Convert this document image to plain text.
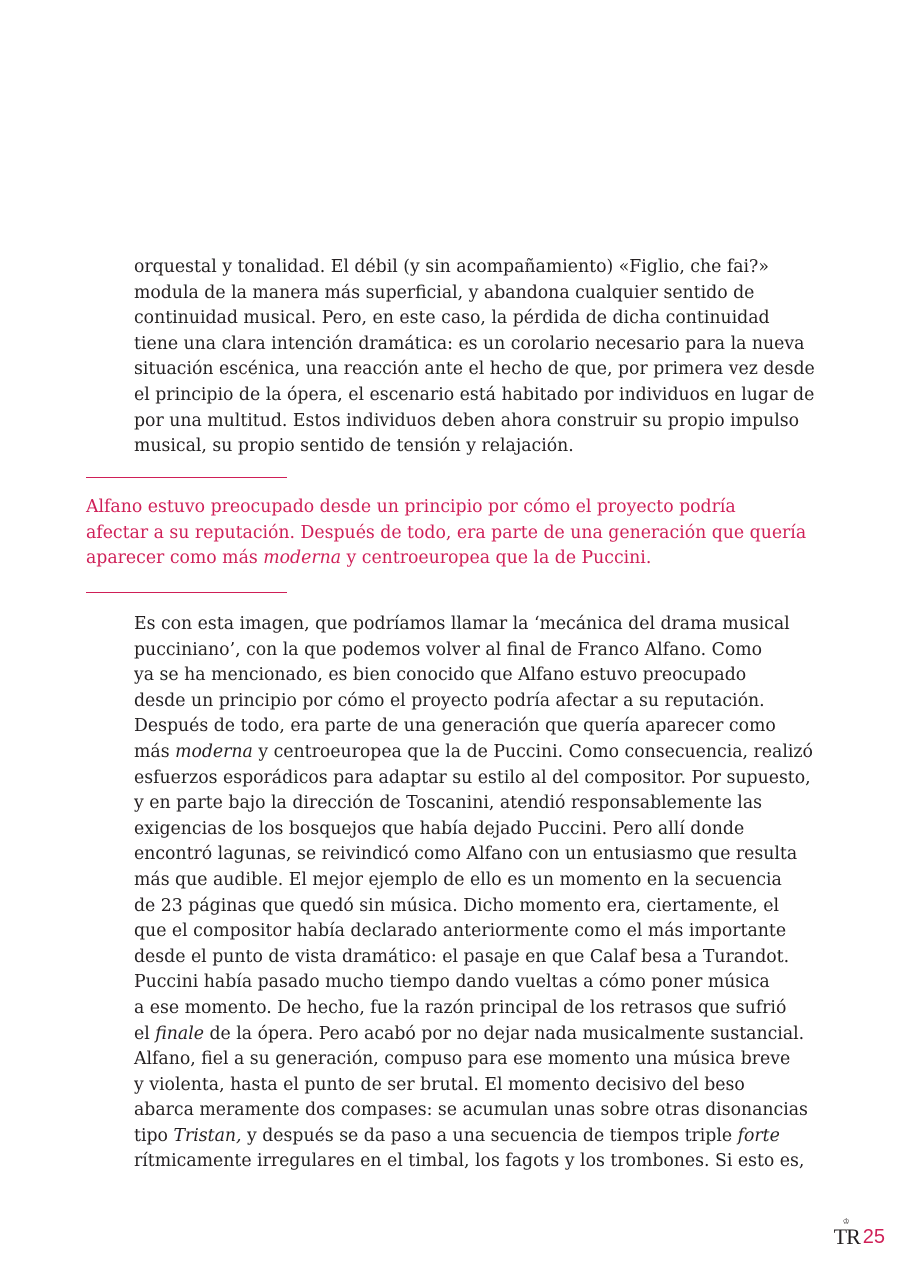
orquestal y tonalidad. El débil (y sin acompañamiento) «Figlio, che fai?»
modula de la manera más superficial, y abandona cualquier sentido de
continuidad musical. Pero, en este caso, la pérdida de dicha continuidad
tiene una clara intención dramática: es un corolario necesario para la nueva
situación escénica, una reacción ante el hecho de que, por primera vez desde
el principio de la ópera, el escenario está habitado por individuos en lugar de
por una multitud. Estos individuos deben ahora construir su propio impulso
musical, su propio sentido de tensión y relajación.
Alfano estuvo preocupado desde un principio por cómo el proyecto podría
afectar a su reputación. Después de todo, era parte de una generación que quería
aparecer como más moderna y centroeuropea que la de Puccini.
Es con esta imagen, que podríamos llamar la ‘mecánica del drama musical
pucciniano’, con la que podemos volver al final de Franco Alfano. Como
ya se ha mencionado, es bien conocido que Alfano estuvo preocupado
desde un principio por cómo el proyecto podría afectar a su reputación.
Después de todo, era parte de una generación que quería aparecer como
más moderna y centroeuropea que la de Puccini. Como consecuencia, realizó
esfuerzos esporádicos para adaptar su estilo al del compositor. Por supuesto,
y en parte bajo la dirección de Toscanini, atendió responsablemente las
exigencias de los bosquejos que había dejado Puccini. Pero allí donde
encontró lagunas, se reivindicó como Alfano con un entusiasmo que resulta
más que audible. El mejor ejemplo de ello es un momento en la secuencia
de 23 páginas que quedó sin música. Dicho momento era, ciertamente, el
que el compositor había declarado anteriormente como el más importante
desde el punto de vista dramático: el pasaje en que Calaf besa a Turandot.
Puccini había pasado mucho tiempo dando vueltas a cómo poner música
a ese momento. De hecho, fue la razón principal de los retrasos que sufrió
el finale de la ópera. Pero acabó por no dejar nada musicalmente sustancial.
Alfano, fiel a su generación, compuso para ese momento una música breve
y violenta, hasta el punto de ser brutal. El momento decisivo del beso
abarca meramente dos compases: se acumulan unas sobre otras disonancias
tipo Tristan, y después se da paso a una secuencia de tiempos triple forte
rítmicamente irregulares en el timbal, los fagots y los trombones. Si esto es,
♔
TR 25
